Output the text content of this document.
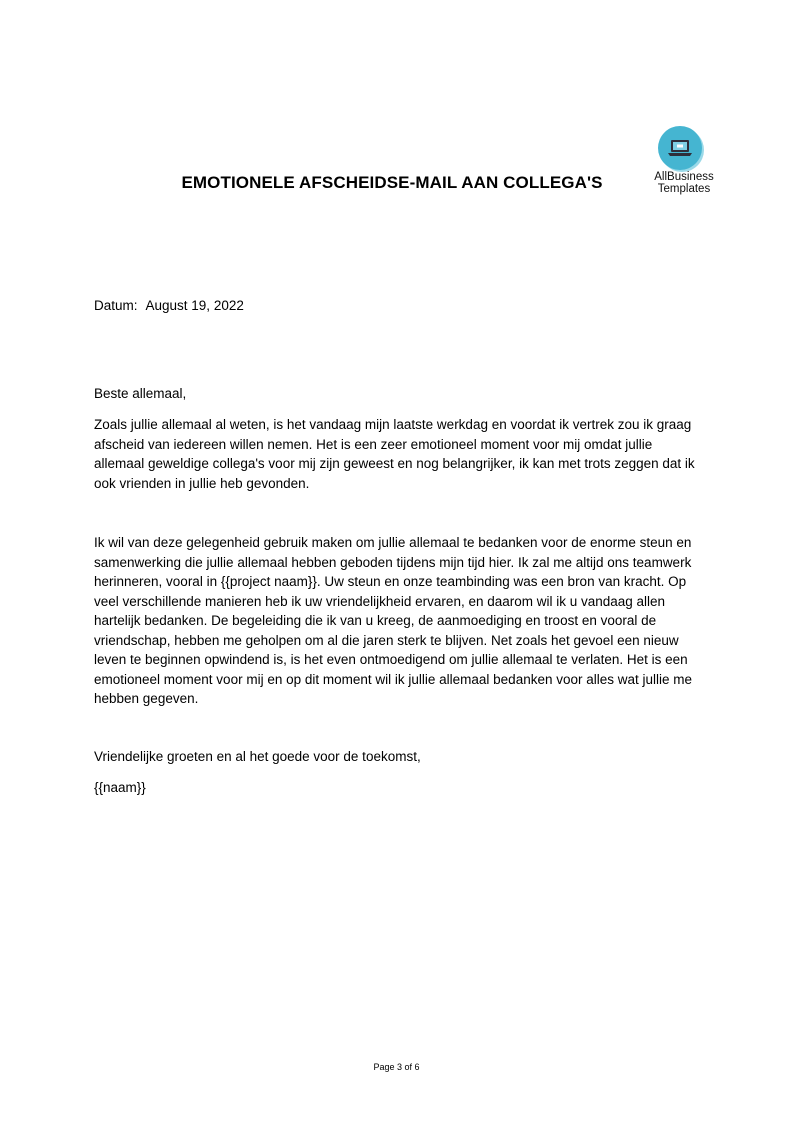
EMOTIONELE AFSCHEIDSE-MAIL AAN COLLEGA'S	AllBusiness
Templates

Datum: August 19, 2022

Beste allemaal,

Zoals jullie allemaal al weten, is het vandaag mijn laatste werkdag en voordat ik vertrek zou ik graag afscheid van iedereen willen nemen. Het is een zeer emotioneel moment voor mij omdat jullie allemaal geweldige collega's voor mij zijn geweest en nog belangrijker, ik kan met trots zeggen dat ik ook vrienden in jullie heb gevonden.

Ik wil van deze gelegenheid gebruik maken om jullie allemaal te bedanken voor de enorme steun en samenwerking die jullie allemaal hebben geboden tijdens mijn tijd hier. Ik zal me altijd ons teamwerk herinneren, vooral in {{project naam}}. Uw steun en onze teambinding was een bron van kracht. Op veel verschillende manieren heb ik uw vriendelijkheid ervaren, en daarom wil ik u vandaag allen hartelijk bedanken. De begeleiding die ik van u kreeg, de aanmoediging en troost en vooral de vriendschap, hebben me geholpen om al die jaren sterk te blijven. Net zoals het gevoel een nieuw leven te beginnen opwindend is, is het even ontmoedigend om jullie allemaal te verlaten. Het is een emotioneel moment voor mij en op dit moment wil ik jullie allemaal bedanken voor alles wat jullie me hebben gegeven.

Vriendelijke groeten en al het goede voor de toekomst,

{{naam}}

Page 3 of 6
